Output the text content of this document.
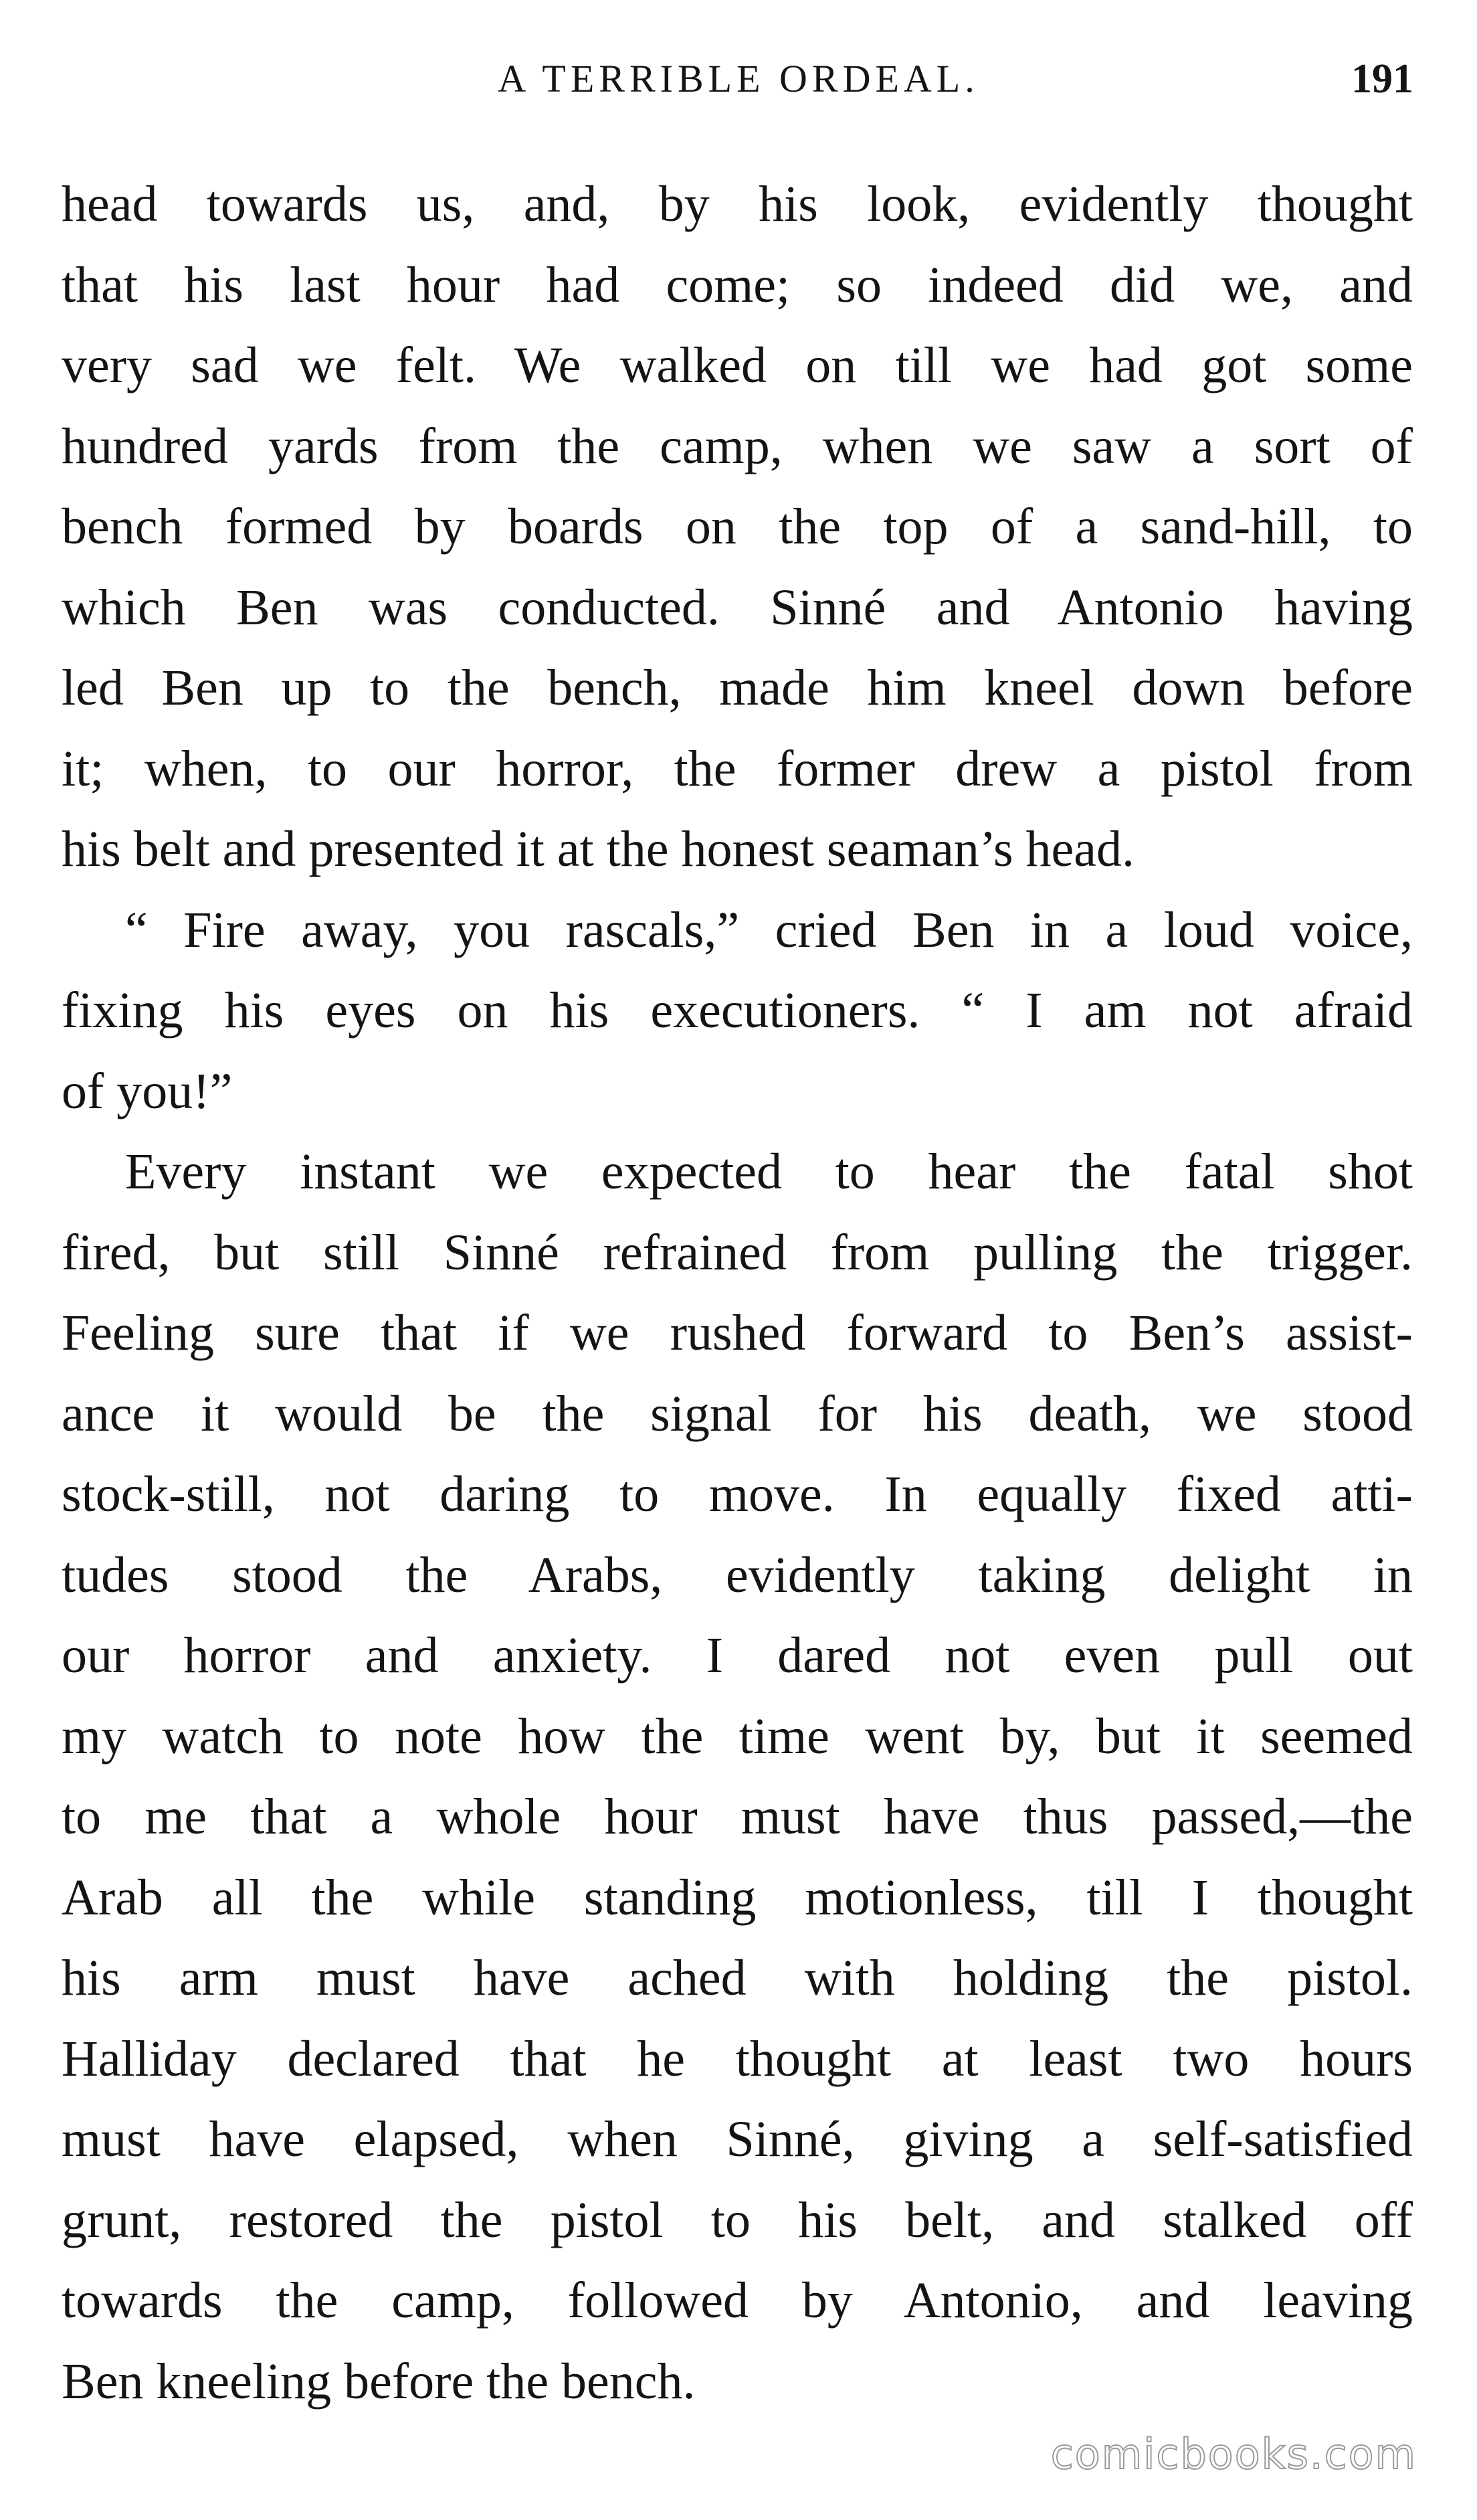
A TERRIBLE ORDEAL.	191
head towards us, and, by his look, evidently thought
that his last hour had come; so indeed did we, and
very sad we felt. We walked on till we had got some
hundred yards from the camp, when we saw a sort of
bench formed by boards on the top of a sand-hill, to
which Ben was conducted. Sinné and Antonio having
led Ben up to the bench, made him kneel down before
it; when, to our horror, the former drew a pistol from
his belt and presented it at the honest seaman’s head.
“ Fire away, you rascals,” cried Ben in a loud voice,
fixing his eyes on his executioners. “ I am not afraid
of you!”
Every instant we expected to hear the fatal shot
fired, but still Sinné refrained from pulling the trigger.
Feeling sure that if we rushed forward to Ben’s assist-
ance it would be the signal for his death, we stood
stock-still, not daring to move. In equally fixed atti-
tudes stood the Arabs, evidently taking delight in
our horror and anxiety. I dared not even pull out
my watch to note how the time went by, but it seemed
to me that a whole hour must have thus passed,—the
Arab all the while standing motionless, till I thought
his arm must have ached with holding the pistol.
Halliday declared that he thought at least two hours
must have elapsed, when Sinné, giving a self-satisfied
grunt, restored the pistol to his belt, and stalked off
towards the camp, followed by Antonio, and leaving
Ben kneeling before the bench.
comicbooks.com
